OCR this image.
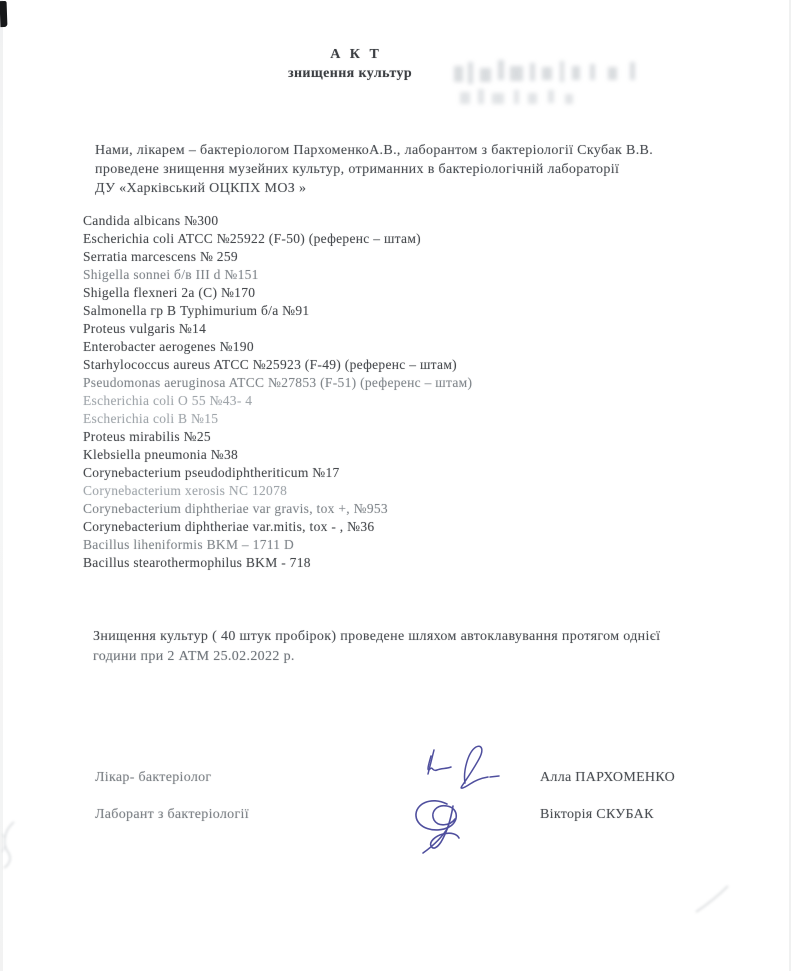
А К Т
знищення культур
Нами, лікарем – бактеріологом ПархоменкоА.В., лаборантом з бактеріології Скубак В.В.
проведене знищення музейних культур, отриманних в бактеріологічній лабораторії
ДУ «Харківський ОЦКПХ МОЗ »
Candida albicans №300
Escherichia coli ATCC №25922 (F-50) (референс – штам)
Serratia marcescens № 259
Shigella sonnei б/в III d №151
Shigella flexneri 2a (C) №170
Salmonella гр В Typhimurium б/а №91
Proteus vulgaris №14
Enterobacter aerogenes №190
Starhylococcus aureus ATCC №25923 (F-49) (референс – штам)
Pseudomonas aeruginosa ATCC №27853 (F-51) (референс – штам)
Escherichia coli O 55 №43- 4
Escherichia coli B №15
Proteus mirabilis №25
Klebsiella pneumonia №38
Corynebacterium pseudodiphtheriticum №17
Corynebacterium xerosis NC 12078
Corynebacterium diphtheriae var gravis, tox +, №953
Corynebacterium diphtheriae var.mitis, tox - , №36
Bacillus liheniformis BKM – 1711 D
Bacillus stearothermophilus BKM - 718
Знищення культур ( 40 штук пробірок) проведене шляхом автоклавування протягом однієї
години при 2 АТМ 25.02.2022 р.
Лікар- бактеріолог	Алла ПАРХОМЕНКО
Лаборант з бактеріології	Вікторія СКУБАК
